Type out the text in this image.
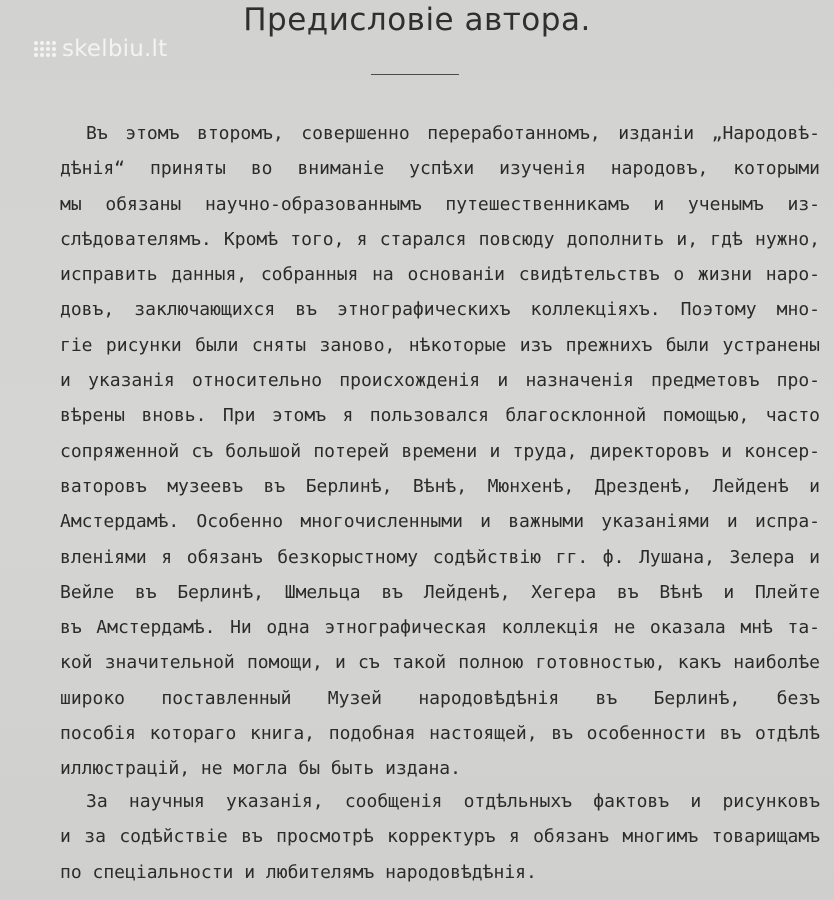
skelbiu.lt
Предисловіе автора.
Въ этомъ второмъ, совершенно переработанномъ, изданіи „Народовѣ-
дѣнія“ приняты во вниманіе успѣхи изученія народовъ, которыми
мы обязаны научно-образованнымъ путешественникамъ и ученымъ из-
слѣдователямъ. Кромѣ того, я старался повсюду дополнить и, гдѣ нужно,
исправить данныя, собранныя на основаніи свидѣтельствъ о жизни наро-
довъ, заключающихся въ этнографическихъ коллекціяхъ. Поэтому мно-
гіе рисунки были сняты заново, нѣкоторые изъ прежнихъ были устранены
и указанія относительно происхожденія и назначенія предметовъ про-
вѣрены вновь. При этомъ я пользовался благосклонной помощью, часто
сопряженной съ большой потерей времени и труда, директоровъ и консер-
ваторовъ музеевъ въ Берлинѣ, Вѣнѣ, Мюнхенѣ, Дрезденѣ, Лейденѣ и
Амстердамѣ. Особенно многочисленными и важными указаніями и испра-
вленіями я обязанъ безкорыстному содѣйствію гг. ф. Лушана, Зелера и
Вейле въ Берлинѣ, Шмельца въ Лейденѣ, Хегера въ Вѣнѣ и Плейте
въ Амстердамѣ. Ни одна этнографическая коллекція не оказала мнѣ та-
кой значительной помощи, и съ такой полною готовностью, какъ наиболѣе
широко поставленный Музей народовѣдѣнія въ Берлинѣ, безъ
пособія котораго книга, подобная настоящей, въ особенности въ отдѣлѣ
иллюстрацій, не могла бы быть издана.
За научныя указанія, сообщенія отдѣльныхъ фактовъ и рисунковъ
и за содѣйствіе въ просмотрѣ корректуръ я обязанъ многимъ товарищамъ
по спеціальности и любителямъ народовѣдѣнія.
